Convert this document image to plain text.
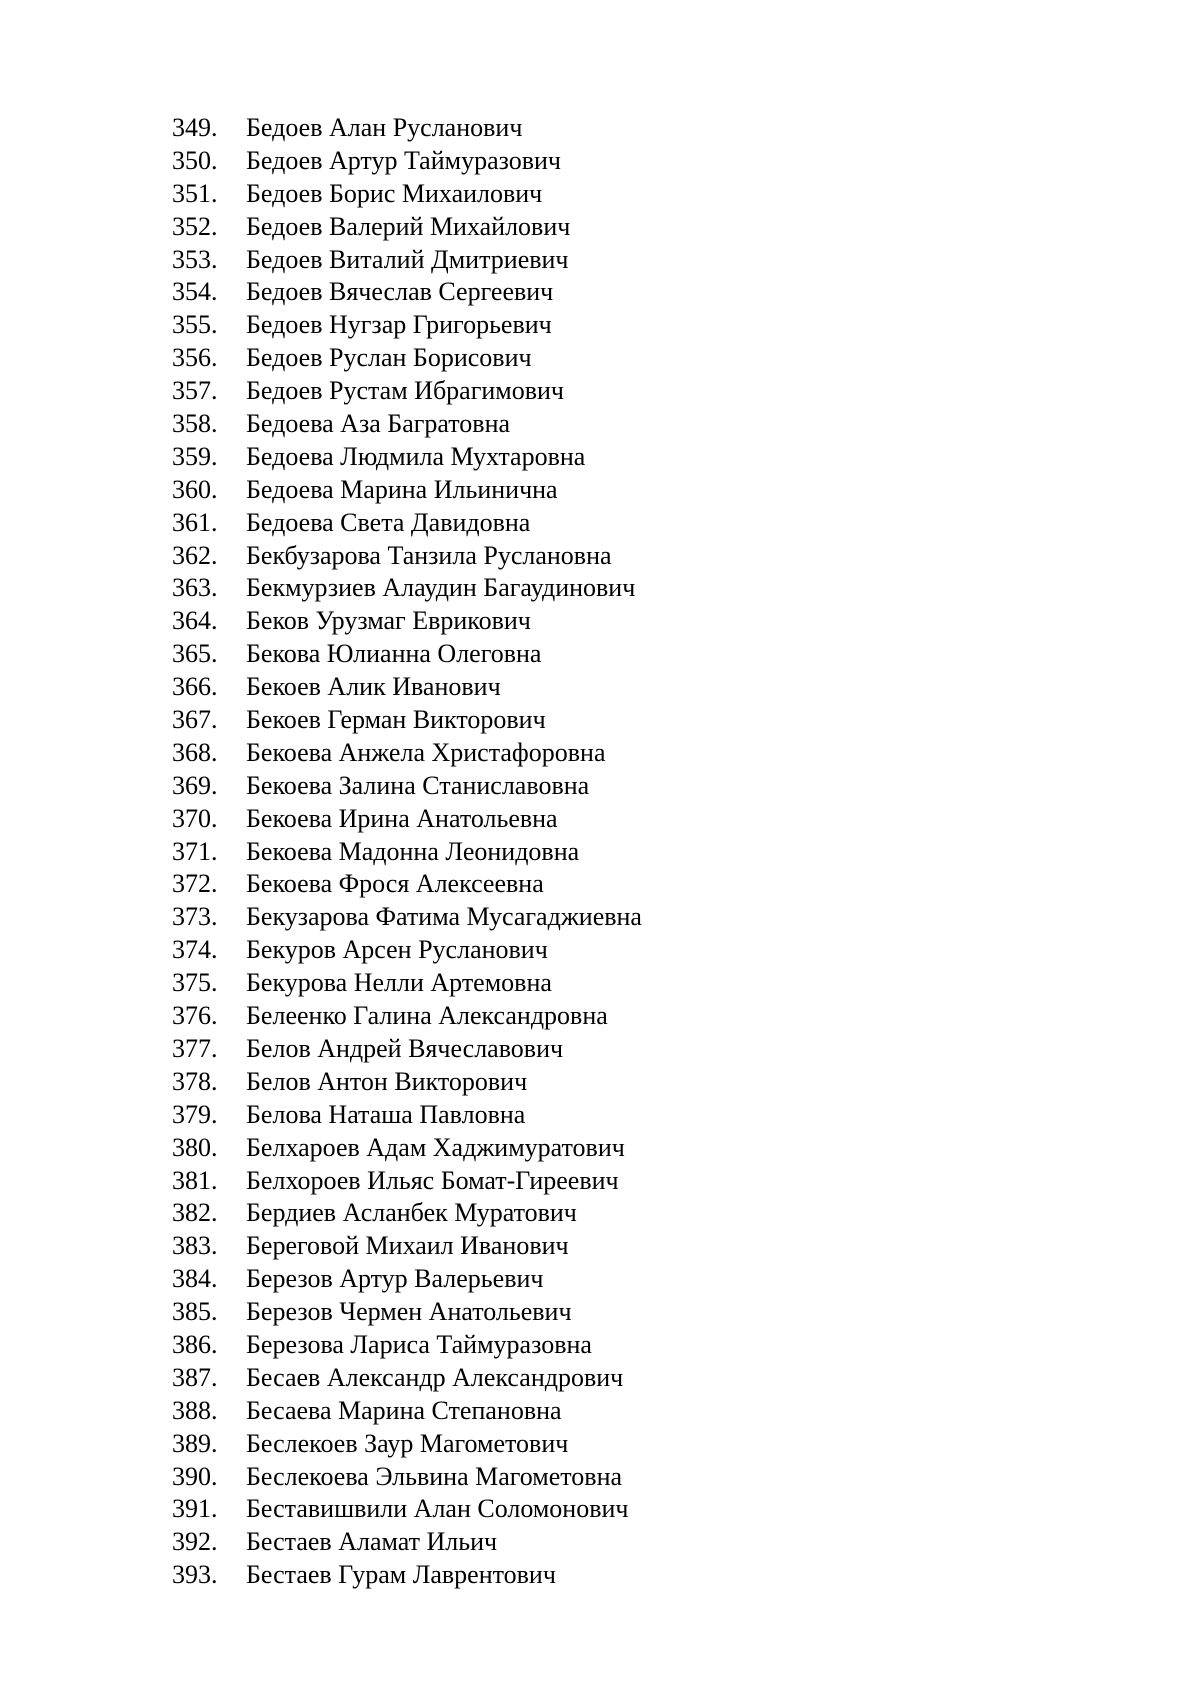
349.	Бедоев Алан Русланович
350.	Бедоев Артур Таймуразович
351.	Бедоев Борис Михаилович
352.	Бедоев Валерий Михайлович
353.	Бедоев Виталий Дмитриевич
354.	Бедоев Вячеслав Сергеевич
355.	Бедоев Нугзар Григорьевич
356.	Бедоев Руслан Борисович
357.	Бедоев Рустам Ибрагимович
358.	Бедоева Аза Багратовна
359.	Бедоева Людмила Мухтаровна
360.	Бедоева Марина Ильинична
361.	Бедоева Света Давидовна
362.	Бекбузарова Танзила Руслановна
363.	Бекмурзиев Алаудин Багаудинович
364.	Беков Урузмаг Еврикович
365.	Бекова Юлианна Олеговна
366.	Бекоев Алик Иванович
367.	Бекоев Герман Викторович
368.	Бекоева Анжела Христафоровна
369.	Бекоева Залина Станиславовна
370.	Бекоева Ирина Анатольевна
371.	Бекоева Мадонна Леонидовна
372.	Бекоева Фрося Алексеевна
373.	Бекузарова Фатима Мусагаджиевна
374.	Бекуров Арсен Русланович
375.	Бекурова Нелли Артемовна
376.	Белеенко Галина Александровна
377.	Белов Андрей Вячеславович
378.	Белов Антон Викторович
379.	Белова Наташа Павловна
380.	Белхароев Адам Хаджимуратович
381.	Белхороев Ильяс Бомат-Гиреевич
382.	Бердиев Асланбек Муратович
383.	Береговой Михаил Иванович
384.	Березов Артур Валерьевич
385.	Березов Чермен Анатольевич
386.	Березова Лариса Таймуразовна
387.	Бесаев Александр Александрович
388.	Бесаева Марина Степановна
389.	Беслекоев Заур Магометович
390.	Беслекоева Эльвина Магометовна
391.	Беставишвили Алан Соломонович
392.	Бестаев Аламат Ильич
393.	Бестаев Гурам Лаврентович
